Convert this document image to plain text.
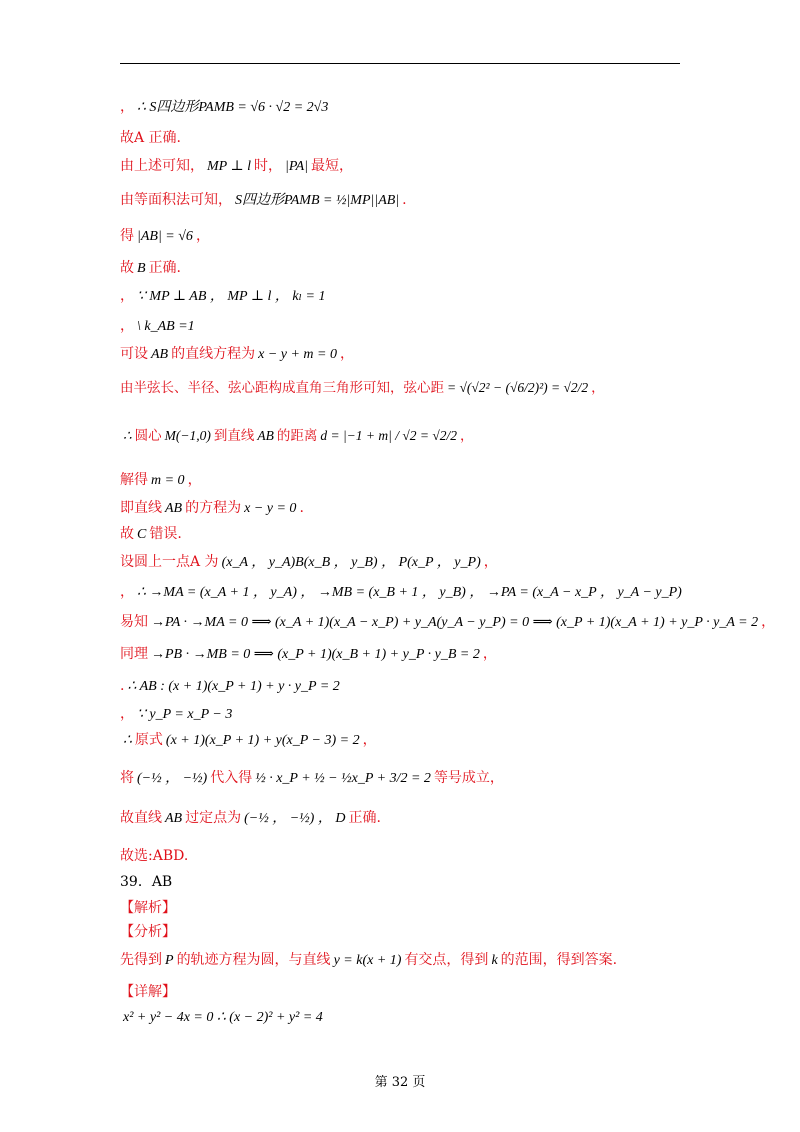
， ∴ S四边形PAMB = √6 · √2 = 2√3
故A 正确.
由上述可知， MP ⊥ l 时， |PA| 最短，
由等面积法可知， S四边形PAMB = ½|MP||AB| .
得 |AB| = √6 ，
故 B 正确.
， ∵ MP ⊥ AB ， MP ⊥ l ， kₗ = 1
， \ k_AB =1
可设 AB 的直线方程为 x − y + m = 0 ，
由半弦长、半径、弦心距构成直角三角形可知，弦心距 = √(√2² − (√6/2)²) = √2/2 ，
∴ 圆心 M(−1,0) 到直线 AB 的距离 d = |−1 + m| / √2 = √2/2 ，
解得 m = 0 ，
即直线 AB 的方程为 x − y = 0 .
故 C 错误.
设圆上一点A 为 (x_A ， y_A)B(x_B ， y_B) ， P(x_P ， y_P) ，
， ∴ →MA = (x_A + 1 ， y_A) ， →MB = (x_B + 1 ， y_B) ， →PA = (x_A − x_P ， y_A − y_P)
易知 →PA · →MA = 0 ⟹ (x_A + 1)(x_A − x_P) + y_A(y_A − y_P) = 0 ⟹ (x_P + 1)(x_A + 1) + y_P · y_A = 2 ，
同理 →PB · →MB = 0 ⟹ (x_P + 1)(x_B + 1) + y_P · y_B = 2 ，
. ∴ AB : (x + 1)(x_P + 1) + y · y_P = 2
， ∵ y_P = x_P − 3
∴ 原式 (x + 1)(x_P + 1) + y(x_P − 3) = 2 ，
将 (−½ ， −½) 代入得 ½ · x_P + ½ − ½x_P + 3/2 = 2 等号成立，
故直线 AB 过定点为 (−½ ， −½) ， D 正确.
故选:ABD.
39．AB
【解析】
【分析】
先得到 P 的轨迹方程为圆，与直线 y = k(x + 1) 有交点，得到 k 的范围，得到答案.
【详解】
x² + y² − 4x = 0 ∴ (x − 2)² + y² = 4
第 32 页
